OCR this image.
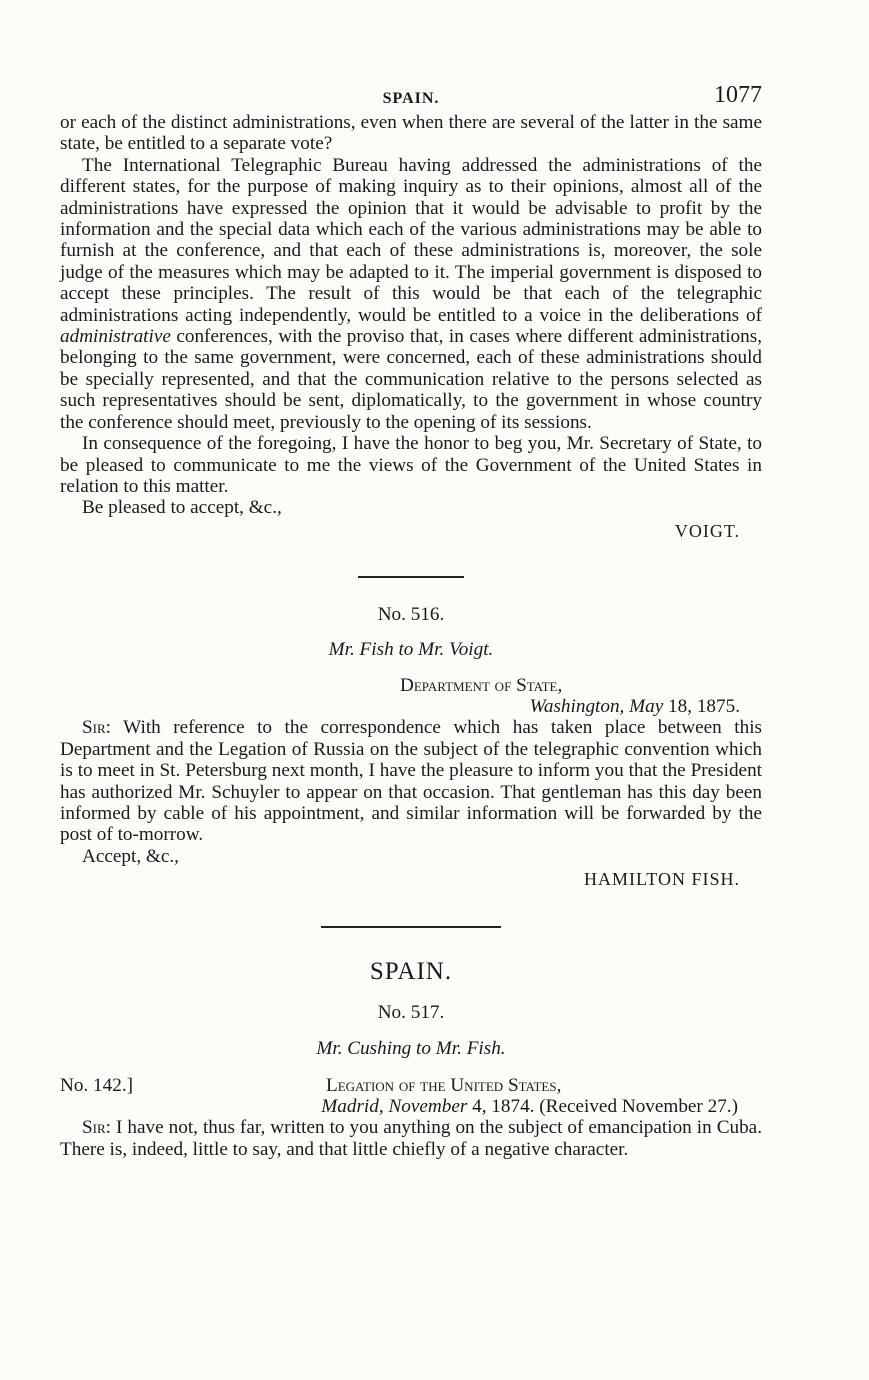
SPAIN.	1077

or each of the distinct administrations, even when there are several of the latter in the same state, be entitled to a separate vote?

The International Telegraphic Bureau having addressed the administrations of the different states, for the purpose of making inquiry as to their opinions, almost all of the administrations have expressed the opinion that it would be advisable to profit by the information and the special data which each of the various administrations may be able to furnish at the conference, and that each of these administrations is, moreover, the sole judge of the measures which may be adapted to it. The imperial government is disposed to accept these principles. The result of this would be that each of the telegraphic administrations acting independently, would be entitled to a voice in the deliberations of administrative conferences, with the proviso that, in cases where different administrations, belonging to the same government, were concerned, each of these administrations should be specially represented, and that the communication relative to the persons selected as such representatives should be sent, diplomatically, to the government in whose country the conference should meet, previously to the opening of its sessions.

In consequence of the foregoing, I have the honor to beg you, Mr. Secretary of State, to be pleased to communicate to me the views of the Government of the United States in relation to this matter.

Be pleased to accept, &c.,

VOIGT.

No. 516.

Mr. Fish to Mr. Voigt.

Department of State,

Washington, May 18, 1875.

Sir: With reference to the correspondence which has taken place between this Department and the Legation of Russia on the subject of the telegraphic convention which is to meet in St. Petersburg next month, I have the pleasure to inform you that the President has authorized Mr. Schuyler to appear on that occasion. That gentleman has this day been informed by cable of his appointment, and similar information will be forwarded by the post of to-morrow.

Accept, &c.,

HAMILTON FISH.
SPAIN.

No. 517.

Mr. Cushing to Mr. Fish.

No. 142.]	Legation of the United States,

Madrid, November 4, 1874. (Received November 27.)

Sir: I have not, thus far, written to you anything on the subject of emancipation in Cuba. There is, indeed, little to say, and that little chiefly of a negative character.
